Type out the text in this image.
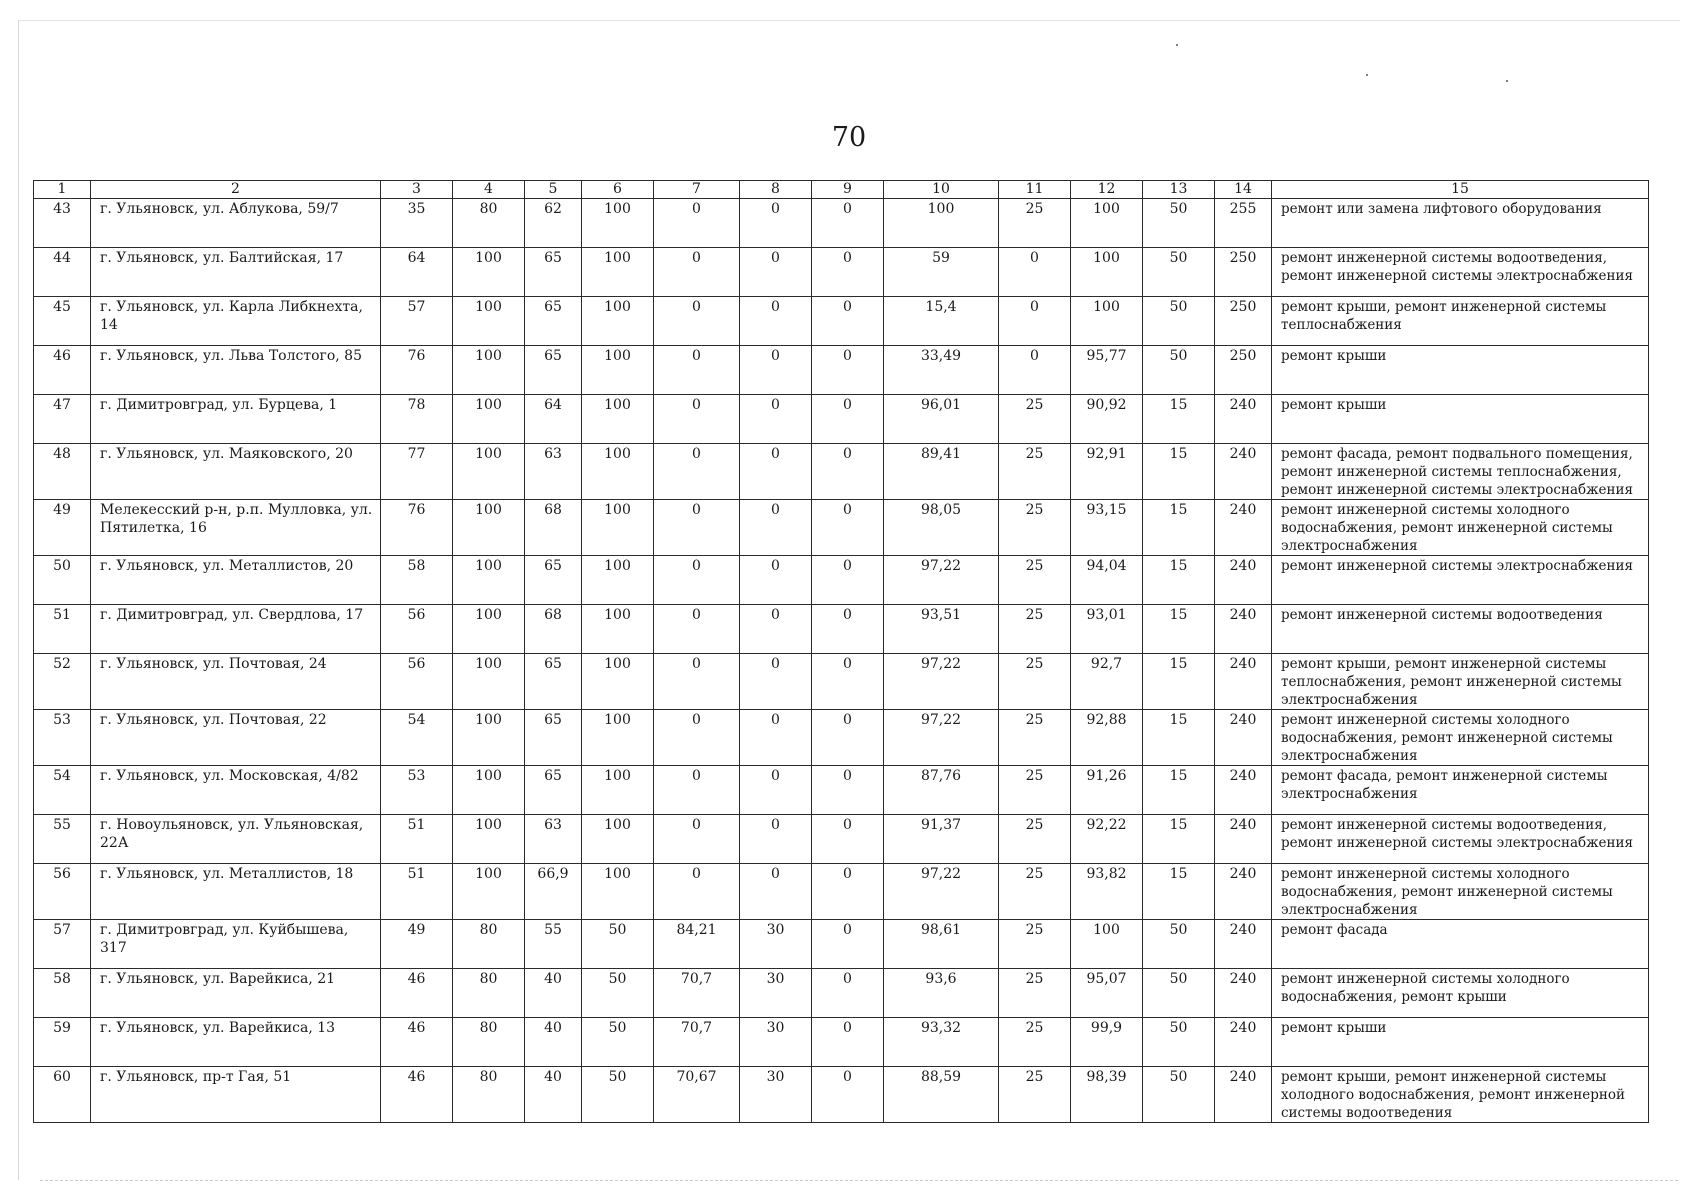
70
1	2	3	4	5	6	7	8	9	10	11	12	13	14	15
43	г. Ульяновск, ул. Аблукова, 59/7	35	80	62	100	0	0	0	100	25	100	50	255	ремонт или замена лифтового оборудования
44	г. Ульяновск, ул. Балтийская, 17	64	100	65	100	0	0	0	59	0	100	50	250	ремонт инженерной системы водоотведения, ремонт инженерной системы электроснабжения
45	г. Ульяновск, ул. Карла Либкнехта, 14	57	100	65	100	0	0	0	15,4	0	100	50	250	ремонт крыши, ремонт инженерной системы теплоснабжения
46	г. Ульяновск, ул. Льва Толстого, 85	76	100	65	100	0	0	0	33,49	0	95,77	50	250	ремонт крыши
47	г. Димитровград, ул. Бурцева, 1	78	100	64	100	0	0	0	96,01	25	90,92	15	240	ремонт крыши
48	г. Ульяновск, ул. Маяковского, 20	77	100	63	100	0	0	0	89,41	25	92,91	15	240	ремонт фасада, ремонт подвального помещения, ремонт инженерной системы теплоснабжения, ремонт инженерной системы электроснабжения
49	Мелекесский р-н, р.п. Мулловка, ул. Пятилетка, 16	76	100	68	100	0	0	0	98,05	25	93,15	15	240	ремонт инженерной системы холодного водоснабжения, ремонт инженерной системы электроснабжения
50	г. Ульяновск, ул. Металлистов, 20	58	100	65	100	0	0	0	97,22	25	94,04	15	240	ремонт инженерной системы электроснабжения
51	г. Димитровград, ул. Свердлова, 17	56	100	68	100	0	0	0	93,51	25	93,01	15	240	ремонт инженерной системы водоотведения
52	г. Ульяновск, ул. Почтовая, 24	56	100	65	100	0	0	0	97,22	25	92,7	15	240	ремонт крыши, ремонт инженерной системы теплоснабжения, ремонт инженерной системы электроснабжения
53	г. Ульяновск, ул. Почтовая, 22	54	100	65	100	0	0	0	97,22	25	92,88	15	240	ремонт инженерной системы холодного водоснабжения, ремонт инженерной системы электроснабжения
54	г. Ульяновск, ул. Московская, 4/82	53	100	65	100	0	0	0	87,76	25	91,26	15	240	ремонт фасада, ремонт инженерной системы электроснабжения
55	г. Новоульяновск, ул. Ульяновская, 22А	51	100	63	100	0	0	0	91,37	25	92,22	15	240	ремонт инженерной системы водоотведения, ремонт инженерной системы электроснабжения
56	г. Ульяновск, ул. Металлистов, 18	51	100	66,9	100	0	0	0	97,22	25	93,82	15	240	ремонт инженерной системы холодного водоснабжения, ремонт инженерной системы электроснабжения
57	г. Димитровград, ул. Куйбышева, 317	49	80	55	50	84,21	30	0	98,61	25	100	50	240	ремонт фасада
58	г. Ульяновск, ул. Варейкиса, 21	46	80	40	50	70,7	30	0	93,6	25	95,07	50	240	ремонт инженерной системы холодного водоснабжения, ремонт крыши
59	г. Ульяновск, ул. Варейкиса, 13	46	80	40	50	70,7	30	0	93,32	25	99,9	50	240	ремонт крыши
60	г. Ульяновск, пр-т Гая, 51	46	80	40	50	70,67	30	0	88,59	25	98,39	50	240	ремонт крыши, ремонт инженерной системы холодного водоснабжения, ремонт инженерной системы водоотведения
